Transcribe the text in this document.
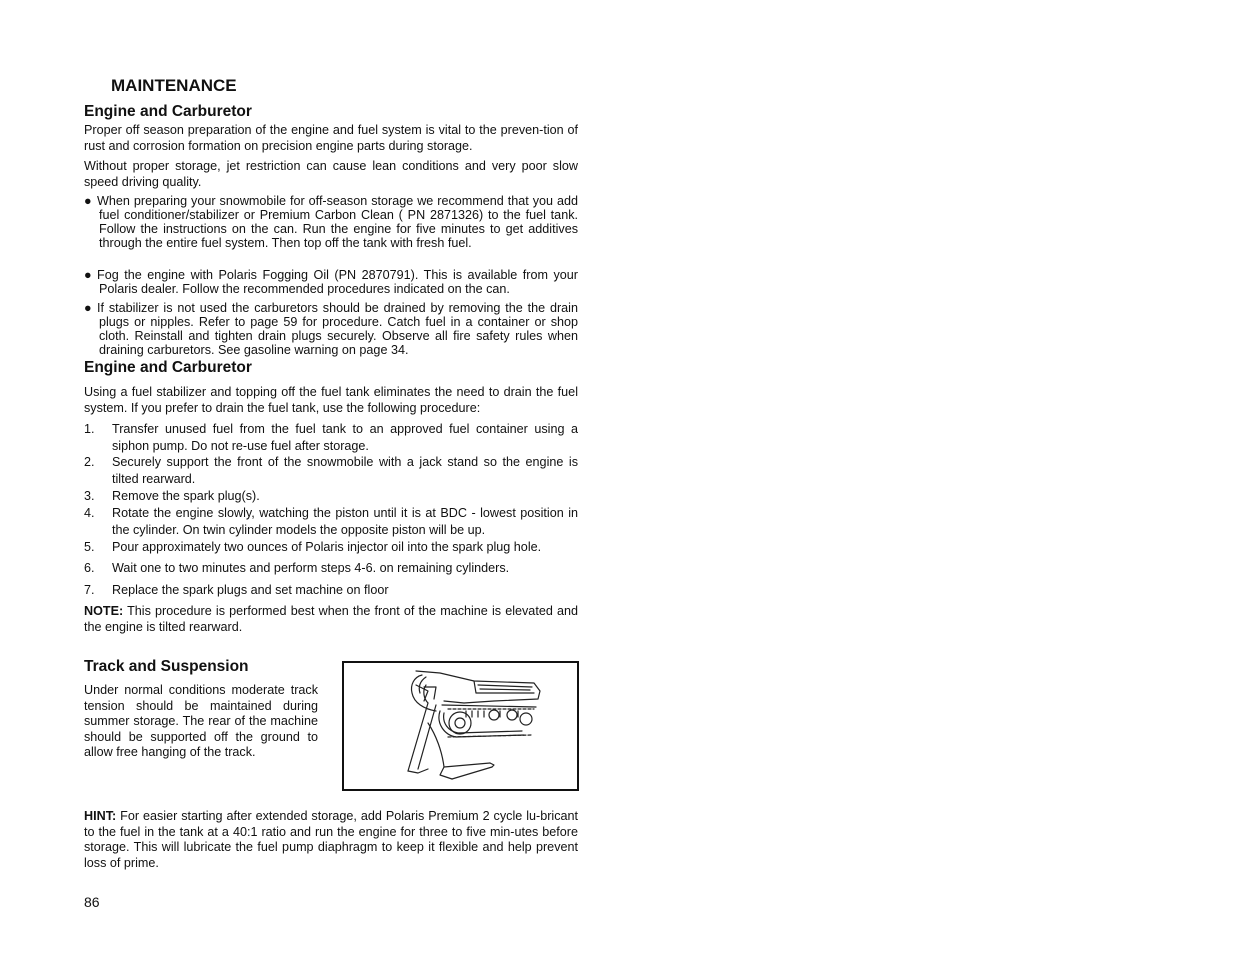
MAINTENANCE
Engine and Carburetor

Proper off season preparation of the engine and fuel system is vital to the preven-tion of rust and corrosion formation on precision engine parts during storage.

Without proper storage, jet restriction can cause lean conditions and very poor slow speed driving quality.

● When preparing your snowmobile for off-season storage we recommend that you add fuel conditioner/stabilizer or Premium Carbon Clean ( PN 2871326) to the fuel tank. Follow the instructions on the can. Run the engine for five minutes to get additives through the entire fuel system. Then top off the tank with fresh fuel.
● Fog the engine with Polaris Fogging Oil (PN 2870791). This is available from your Polaris dealer. Follow the recommended procedures indicated on the can.
● If stabilizer is not used the carburetors should be drained by removing the the drain plugs or nipples. Refer to page 59 for procedure. Catch fuel in a container or shop cloth. Reinstall and tighten drain plugs securely. Observe all fire safety rules when draining carburetors. See gasoline warning on page 34.
Engine and Carburetor

Using a fuel stabilizer and topping off the fuel tank eliminates the need to drain the fuel system. If you prefer to drain the fuel tank, use the following procedure:

1. Transfer unused fuel from the fuel tank to an approved fuel container using a siphon pump. Do not re-use fuel after storage.
2. Securely support the front of the snowmobile with a jack stand so the engine is tilted rearward.
3. Remove the spark plug(s).
4. Rotate the engine slowly, watching the piston until it is at BDC - lowest position in the cylinder. On twin cylinder models the opposite piston will be up.
5. Pour approximately two ounces of Polaris injector oil into the spark plug hole.
6. Wait one to two minutes and perform steps 4-6. on remaining cylinders.
7. Replace the spark plugs and set machine on floor

NOTE: This procedure is performed best when the front of the machine is elevated and the engine is tilted rearward.

Track and Suspension

Under normal conditions moderate track tension should be maintained during summer storage. The rear of the machine should be supported off the ground to allow free hanging of the track.

HINT: For easier starting after extended storage, add Polaris Premium 2 cycle lu-bricant to the fuel in the tank at a 40:1 ratio and run the engine for three to five min-utes before storage. This will lubricate the fuel pump diaphragm to keep it flexible and help prevent loss of prime.

86
